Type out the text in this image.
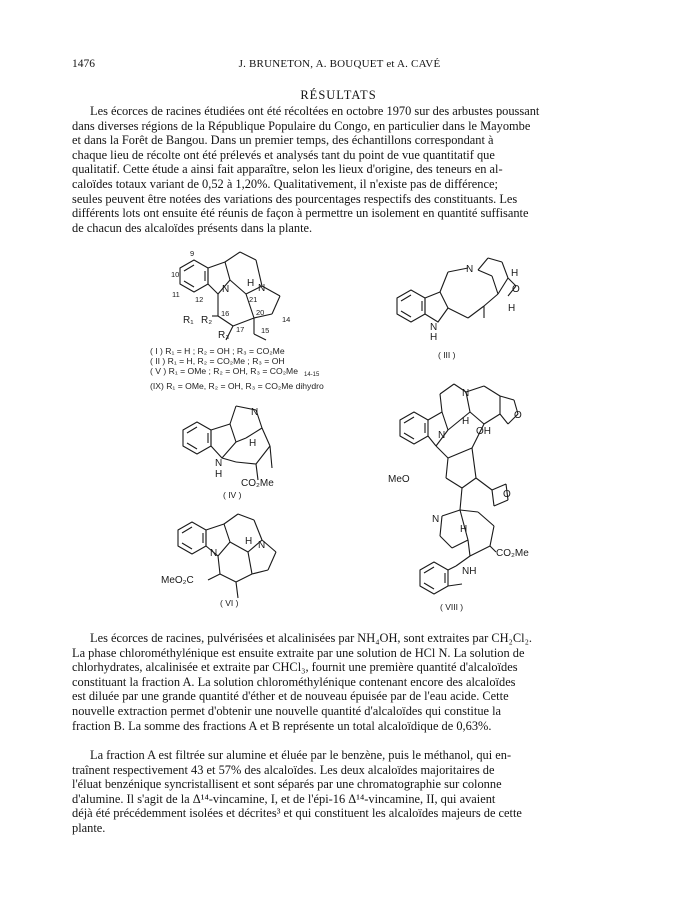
1476	J. BRUNETON, A. BOUQUET et A. CAVÉ
RÉSULTATS
Les écorces de racines étudiées ont été récoltées en octobre 1970 sur des arbustes poussant
dans diverses régions de la République Populaire du Congo, en particulier dans le Mayombe
et dans la Forêt de Bangou. Dans un premier temps, des échantillons correspondant à
chaque lieu de récolte ont été prélevés et analysés tant du point de vue quantitatif que
qualitatif. Cette étude a ainsi fait apparaître, selon les lieux d'origine, des teneurs en al-
caloïdes totaux variant de 0,52 à 1,20%. Qualitativement, il n'existe pas de différence;
seules peuvent être notées des variations des pourcentages respectifs des constituants. Les
différents lots ont ensuite été réunis de façon à permettre un isolement en quantité suffisante
de chacun des alcaloïdes présents dans la plante.
10
9
11
12
16
17 15
14
20
21
N	N
H
R₁ R₂
R₃
N	H
O
H
N
H
( III )
N
H
N
H
CO₂Me
( IV )
N
N
H
MeO₂C
( VI )
N
N
H
OH
O
MeO
O
N
H
CO₂Me
NH
( VIII )
( I ) R₁ = H ; R₂ = OH ; R₃ = CO₂Me
( II ) R₁ = H, R₂ = CO₂Me ; R₃ = OH
( V ) R₁ = OMe ; R₂ = OH, R₃ = CO₂Me $^{14-15}$
(IX) R₁ = OMe, R₂ = OH, R₃ = CO₂Me dihydro
Les écorces de racines, pulvérisées et alcalinisées par NH₄OH, sont extraites par CH₂Cl₂.
La phase chlorométhylénique est ensuite extraite par une solution de HCl N. La solution de
chlorhydrates, alcalinisée et extraite par CHCl₃, fournit une première quantité d'alcaloïdes
constituant la fraction A. La solution chlorométhylénique contenant encore des alcaloïdes
est diluée par une grande quantité d'éther et de nouveau épuisée par de l'eau acide. Cette
nouvelle extraction permet d'obtenir une nouvelle quantité d'alcaloïdes qui constitue la
fraction B. La somme des fractions A et B représente un total alcaloïdique de 0,63%.
La fraction A est filtrée sur alumine et éluée par le benzène, puis le méthanol, qui en-
traînent respectivement 43 et 57% des alcaloïdes. Les deux alcaloïdes majoritaires de
l'éluat benzénique syncristallisent et sont séparés par une chromatographie sur colonne
d'alumine. Il s'agit de la Δ¹⁴-vincamine, I, et de l'épi-16 Δ¹⁴-vincamine, II, qui avaient
déjà été précédemment isolées et décrites³ et qui constituent les alcaloïdes majeurs de cette
plante.
